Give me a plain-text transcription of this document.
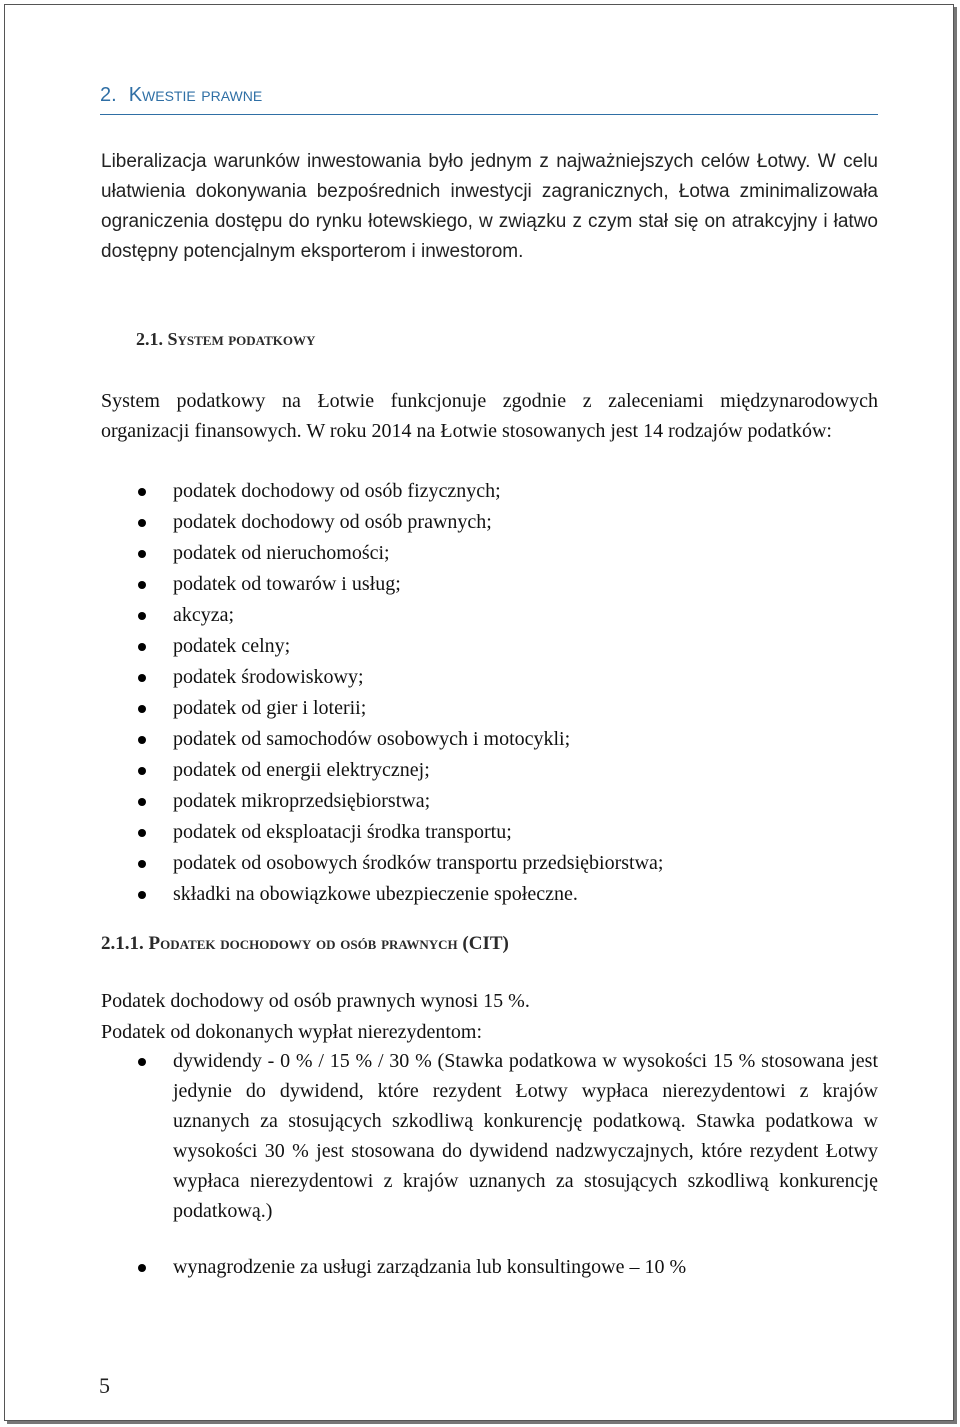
2. Kwestie prawne

Liberalizacja warunków inwestowania było jednym z najważniejszych celów Łotwy. W celu ułatwienia dokonywania bezpośrednich inwestycji zagranicznych, Łotwa zminimalizowała ograniczenia dostępu do rynku łotewskiego, w związku z czym stał się on atrakcyjny i łatwo dostępny potencjalnym eksporterom i inwestorom.

2.1. System podatkowy

System podatkowy na Łotwie funkcjonuje zgodnie z zaleceniami międzynarodowych organizacji finansowych. W roku 2014 na Łotwie stosowanych jest 14 rodzajów podatków:

podatek dochodowy od osób fizycznych;
podatek dochodowy od osób prawnych;
podatek od nieruchomości;
podatek od towarów i usług;
akcyza;
podatek celny;
podatek środowiskowy;
podatek od gier i loterii;
podatek od samochodów osobowych i motocykli;
podatek od energii elektrycznej;
podatek mikroprzedsiębiorstwa;
podatek od eksploatacji środka transportu;
podatek od osobowych środków transportu przedsiębiorstwa;
składki na obowiązkowe ubezpieczenie społeczne.
2.1.1. Podatek dochodowy od osób prawnych (CIT)
Podatek dochodowy od osób prawnych wynosi 15 %.
Podatek od dokonanych wypłat nierezydentom:
dywidendy - 0 % / 15 % / 30 % (Stawka podatkowa w wysokości 15 % stosowana jest jedynie do dywidend, które rezydent Łotwy wypłaca nierezydentowi z krajów uznanych za stosujących szkodliwą konkurencję podatkową. Stawka podatkowa w wysokości 30 % jest stosowana do dywidend nadzwyczajnych, które rezydent Łotwy wypłaca nierezydentowi z krajów uznanych za stosujących szkodliwą konkurencję podatkową.)
wynagrodzenie za usługi zarządzania lub konsultingowe – 10 %
5
